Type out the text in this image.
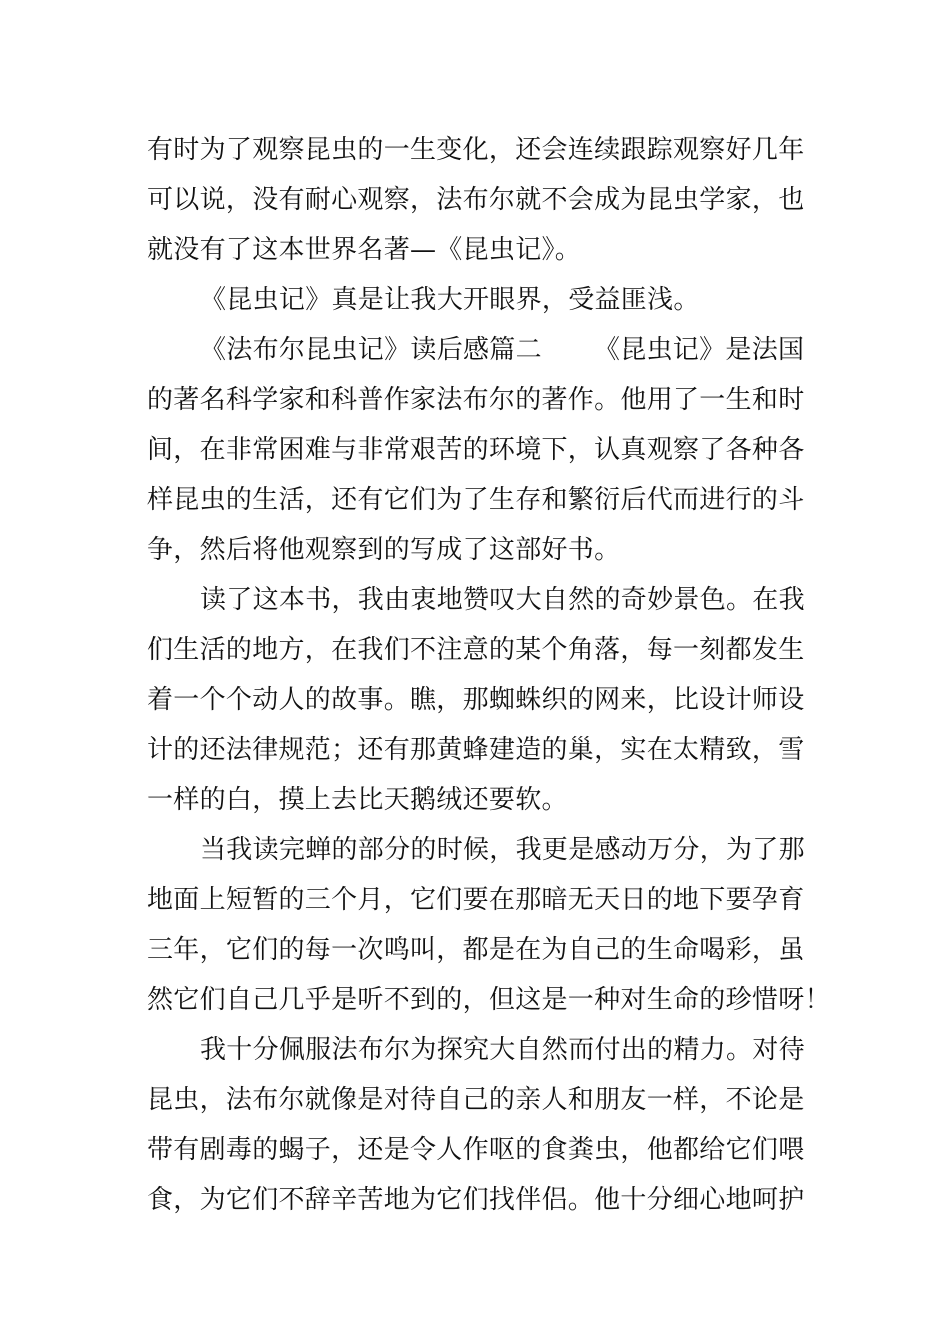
有时为了观察昆虫的一生变化，还会连续跟踪观察好几年
可以说，没有耐心观察，法布尔就不会成为昆虫学家，也
就没有了这本世界名著—《昆虫记》。
《昆虫记》真是让我大开眼界，受益匪浅。
《法布尔昆虫记》读后感篇二 《昆虫记》是法国
的著名科学家和科普作家法布尔的著作。他用了一生和时
间，在非常困难与非常艰苦的环境下，认真观察了各种各
样昆虫的生活，还有它们为了生存和繁衍后代而进行的斗
争，然后将他观察到的写成了这部好书。
读了这本书，我由衷地赞叹大自然的奇妙景色。在我
们生活的地方，在我们不注意的某个角落，每一刻都发生
着一个个动人的故事。瞧，那蜘蛛织的网来，比设计师设
计的还法律规范；还有那黄蜂建造的巢，实在太精致，雪
一样的白，摸上去比天鹅绒还要软。
当我读完蝉的部分的时候，我更是感动万分，为了那
地面上短暂的三个月，它们要在那暗无天日的地下要孕育
三年，它们的每一次鸣叫，都是在为自己的生命喝彩，虽
然它们自己几乎是听不到的，但这是一种对生命的珍惜呀！
我十分佩服法布尔为探究大自然而付出的精力。对待
昆虫，法布尔就像是对待自己的亲人和朋友一样，不论是
带有剧毒的蝎子，还是令人作呕的食粪虫，他都给它们喂
食，为它们不辞辛苦地为它们找伴侣。他十分细心地呵护
